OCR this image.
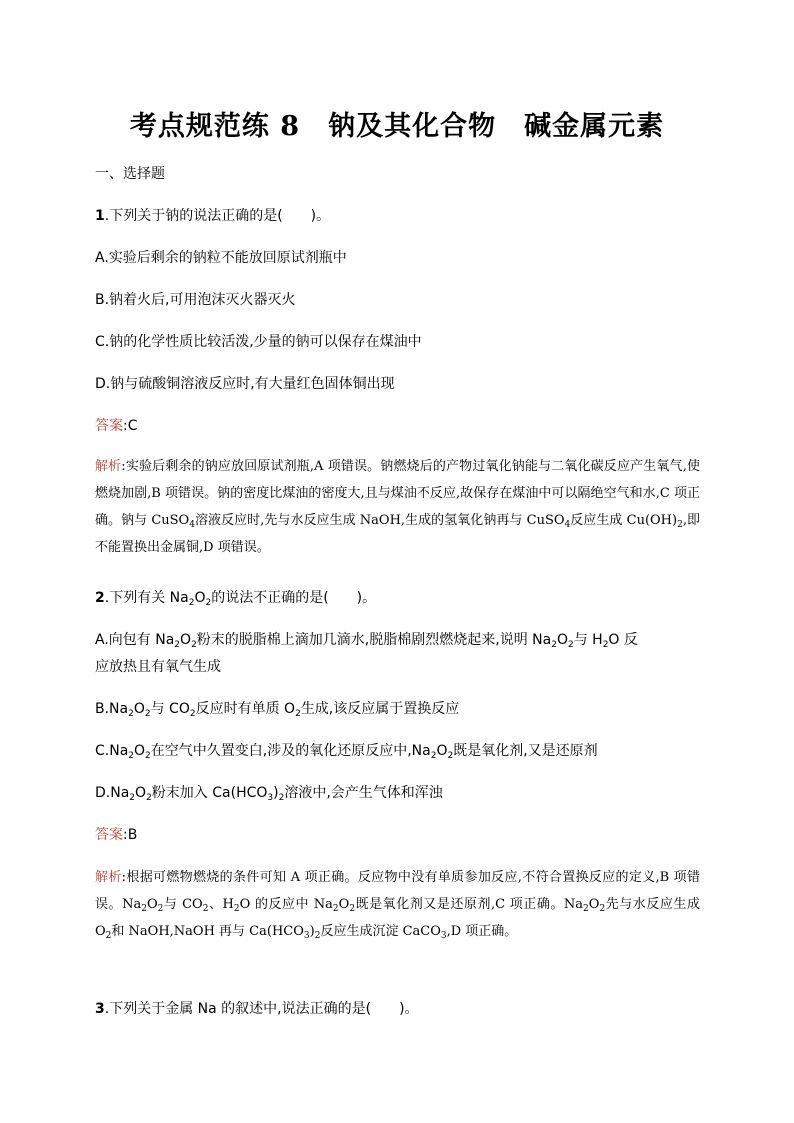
考点规范练 8　钠及其化合物　碱金属元素
一、选择题
1.下列关于钠的说法正确的是( )。
A.实验后剩余的钠粒不能放回原试剂瓶中
B.钠着火后,可用泡沫灭火器灭火
C.钠的化学性质比较活泼,少量的钠可以保存在煤油中
D.钠与硫酸铜溶液反应时,有大量红色固体铜出现
答案:C
解析:实验后剩余的钠应放回原试剂瓶,A 项错误。钠燃烧后的产物过氧化钠能与二氧化碳反应产生氧气,使燃烧加剧,B 项错误。钠的密度比煤油的密度大,且与煤油不反应,故保存在煤油中可以隔绝空气和水,C 项正确。钠与 CuSO$_4$溶液反应时,先与水反应生成 NaOH,生成的氢氧化钠再与 CuSO$_4$反应生成 $Cu(OH)_2$,即不能置换出金属铜,D 项错误。
2.下列有关 $Na_2O_2$的说法不正确的是( )。
A.向包有 $Na_2O_2$粉末的脱脂棉上滴加几滴水,脱脂棉剧烈燃烧起来,说明 $Na_2O_2$与 $H_2O$ 反
应放热且有氧气生成
$B.Na_2O_2$与 $CO_2$反应时有单质 $O_2$生成,该反应属于置换反应
$C.Na_2O_2$在空气中久置变白,涉及的氧化还原反应中$,Na_2O_2$既是氧化剂,又是还原剂
$D.Na_2O_2$粉末加入 $Ca(HCO_3)_2$溶液中,会产生气体和浑浊
答案:B
解析:根据可燃物燃烧的条件可知 A 项正确。反应物中没有单质参加反应,不符合置换反应的定义,B 项错误。$Na_2O_2$与 $CO_2$、$H_2O$ 的反应中 $Na_2O_2$既是氧化剂又是还原剂,C 项正确。$Na_2O_2$先与水反应生成 $O_2$和 NaOH,NaOH 再与 $Ca(HCO_3)_2$反应生成沉淀 CaCO$_3$,D 项正确。
3.下列关于金属 Na 的叙述中,说法正确的是( )。
